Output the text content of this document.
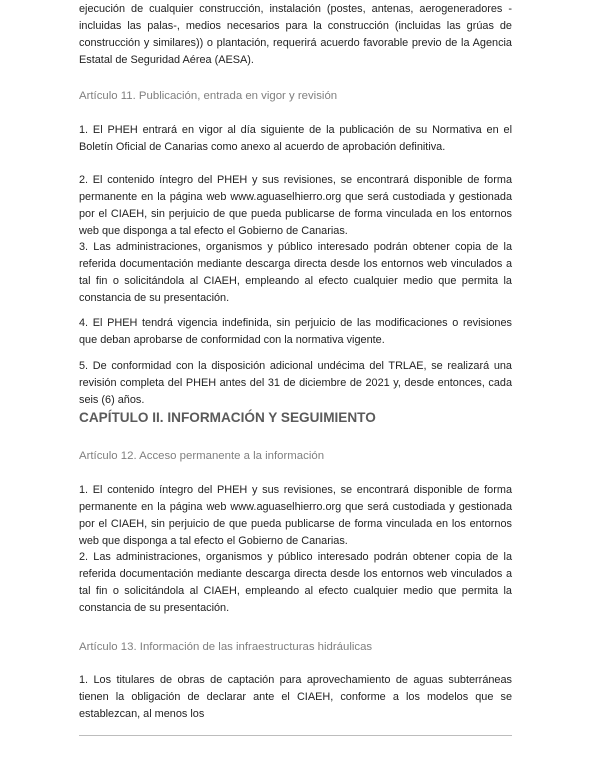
ejecución de cualquier construcción, instalación (postes, antenas, aerogeneradores -incluidas las palas-, medios necesarios para la construcción (incluidas las grúas de construcción y similares)) o plantación, requerirá acuerdo favorable previo de la Agencia Estatal de Seguridad Aérea (AESA).

Artículo 11. Publicación, entrada en vigor y revisión

1. El PHEH entrará en vigor al día siguiente de la publicación de su Normativa en el Boletín Oficial de Canarias como anexo al acuerdo de aprobación definitiva.

2. El contenido íntegro del PHEH y sus revisiones, se encontrará disponible de forma permanente en la página web www.aguaselhierro.org que será custodiada y gestionada por el CIAEH, sin perjuicio de que pueda publicarse de forma vinculada en los entornos web que disponga a tal efecto el Gobierno de Canarias.

3. Las administraciones, organismos y público interesado podrán obtener copia de la referida documentación mediante descarga directa desde los entornos web vinculados a tal fin o solicitándola al CIAEH, empleando al efecto cualquier medio que permita la constancia de su presentación.

4. El PHEH tendrá vigencia indefinida, sin perjuicio de las modificaciones o revisiones que deban aprobarse de conformidad con la normativa vigente.

5. De conformidad con la disposición adicional undécima del TRLAE, se realizará una revisión completa del PHEH antes del 31 de diciembre de 2021 y, desde entonces, cada seis (6) años.

CAPÍTULO II. INFORMACIÓN Y SEGUIMIENTO
Artículo 12. Acceso permanente a la información

1. El contenido íntegro del PHEH y sus revisiones, se encontrará disponible de forma permanente en la página web www.aguaselhierro.org que será custodiada y gestionada por el CIAEH, sin perjuicio de que pueda publicarse de forma vinculada en los entornos web que disponga a tal efecto el Gobierno de Canarias.

2. Las administraciones, organismos y público interesado podrán obtener copia de la referida documentación mediante descarga directa desde los entornos web vinculados a tal fin o solicitándola al CIAEH, empleando al efecto cualquier medio que permita la constancia de su presentación.

Artículo 13. Información de las infraestructuras hidráulicas

1. Los titulares de obras de captación para aprovechamiento de aguas subterráneas tienen la obligación de declarar ante el CIAEH, conforme a los modelos que se establezcan, al menos los
